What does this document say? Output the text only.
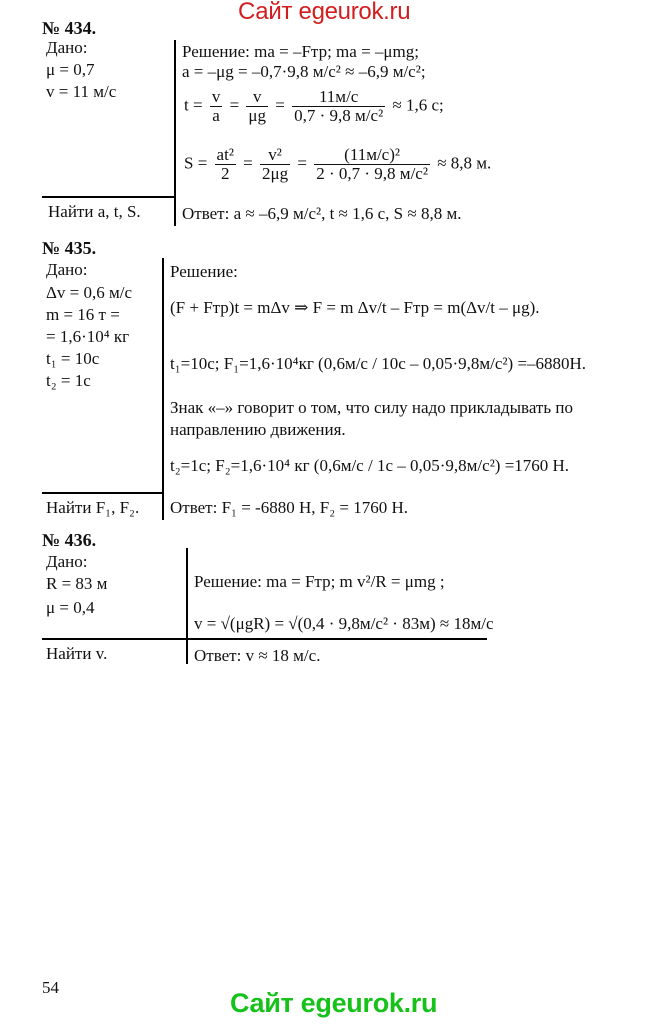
Сайт egeurok.ru
№ 434.
Дано:
μ = 0,7
v = 11 м/с
Найти a, t, S.
Решение: ma = –Fтр; ma = –μmg;
a = –μg = –0,7·9,8 м/c² ≈ –6,9 м/c²;
$t = \frac{v}{a} = \frac{v}{\mu g} = \frac{11м/с}{\text{0,7 · 9,8 м/с²}} \approx 1,6$ с;
$S = \frac{\text{at²}}{2} = \frac{\text{v²}}{2\mu g} = \frac{\text{(11м/с)²}}{\text{2 · 0,7 · 9,8 м/с²}} \approx 8,8$ м.
Ответ: a ≈ –6,9 м/c², t ≈ 1,6 с, S ≈ 8,8 м.
№ 435.
Дано:
Δv = 0,6 м/с
m = 16 т =
= 1,6·10⁴ кг
t₁ = 10с
t₂ = 1с
Найти F₁, F₂.
Решение:
(F + Fтр)t = mΔv ⇒ F = m Δv/t – Fтр = m(Δv/t – μg).
t₁=10с; F₁=1,6·10⁴кг (0,6м/с / 10с – 0,05·9,8м/с²) =–6880Н.
Знак «–» говорит о том, что силу надо прикладывать по
направлению движения.
t₂=1с; F₂=1,6·10⁴ кг (0,6м/с / 1с – 0,05·9,8м/с²) =1760 Н.
Ответ: F₁ = -6880 Н, F₂ = 1760 Н.
№ 436.
Дано:
R = 83 м
μ = 0,4
Найти v.
Решение: ma = Fтр; m v²/R = μmg ;
v = √(μgR) = √(0,4 · 9,8м/с² · 83м) ≈ 18м/с
Ответ: v ≈ 18 м/с.
54
Сайт egeurok.ru
